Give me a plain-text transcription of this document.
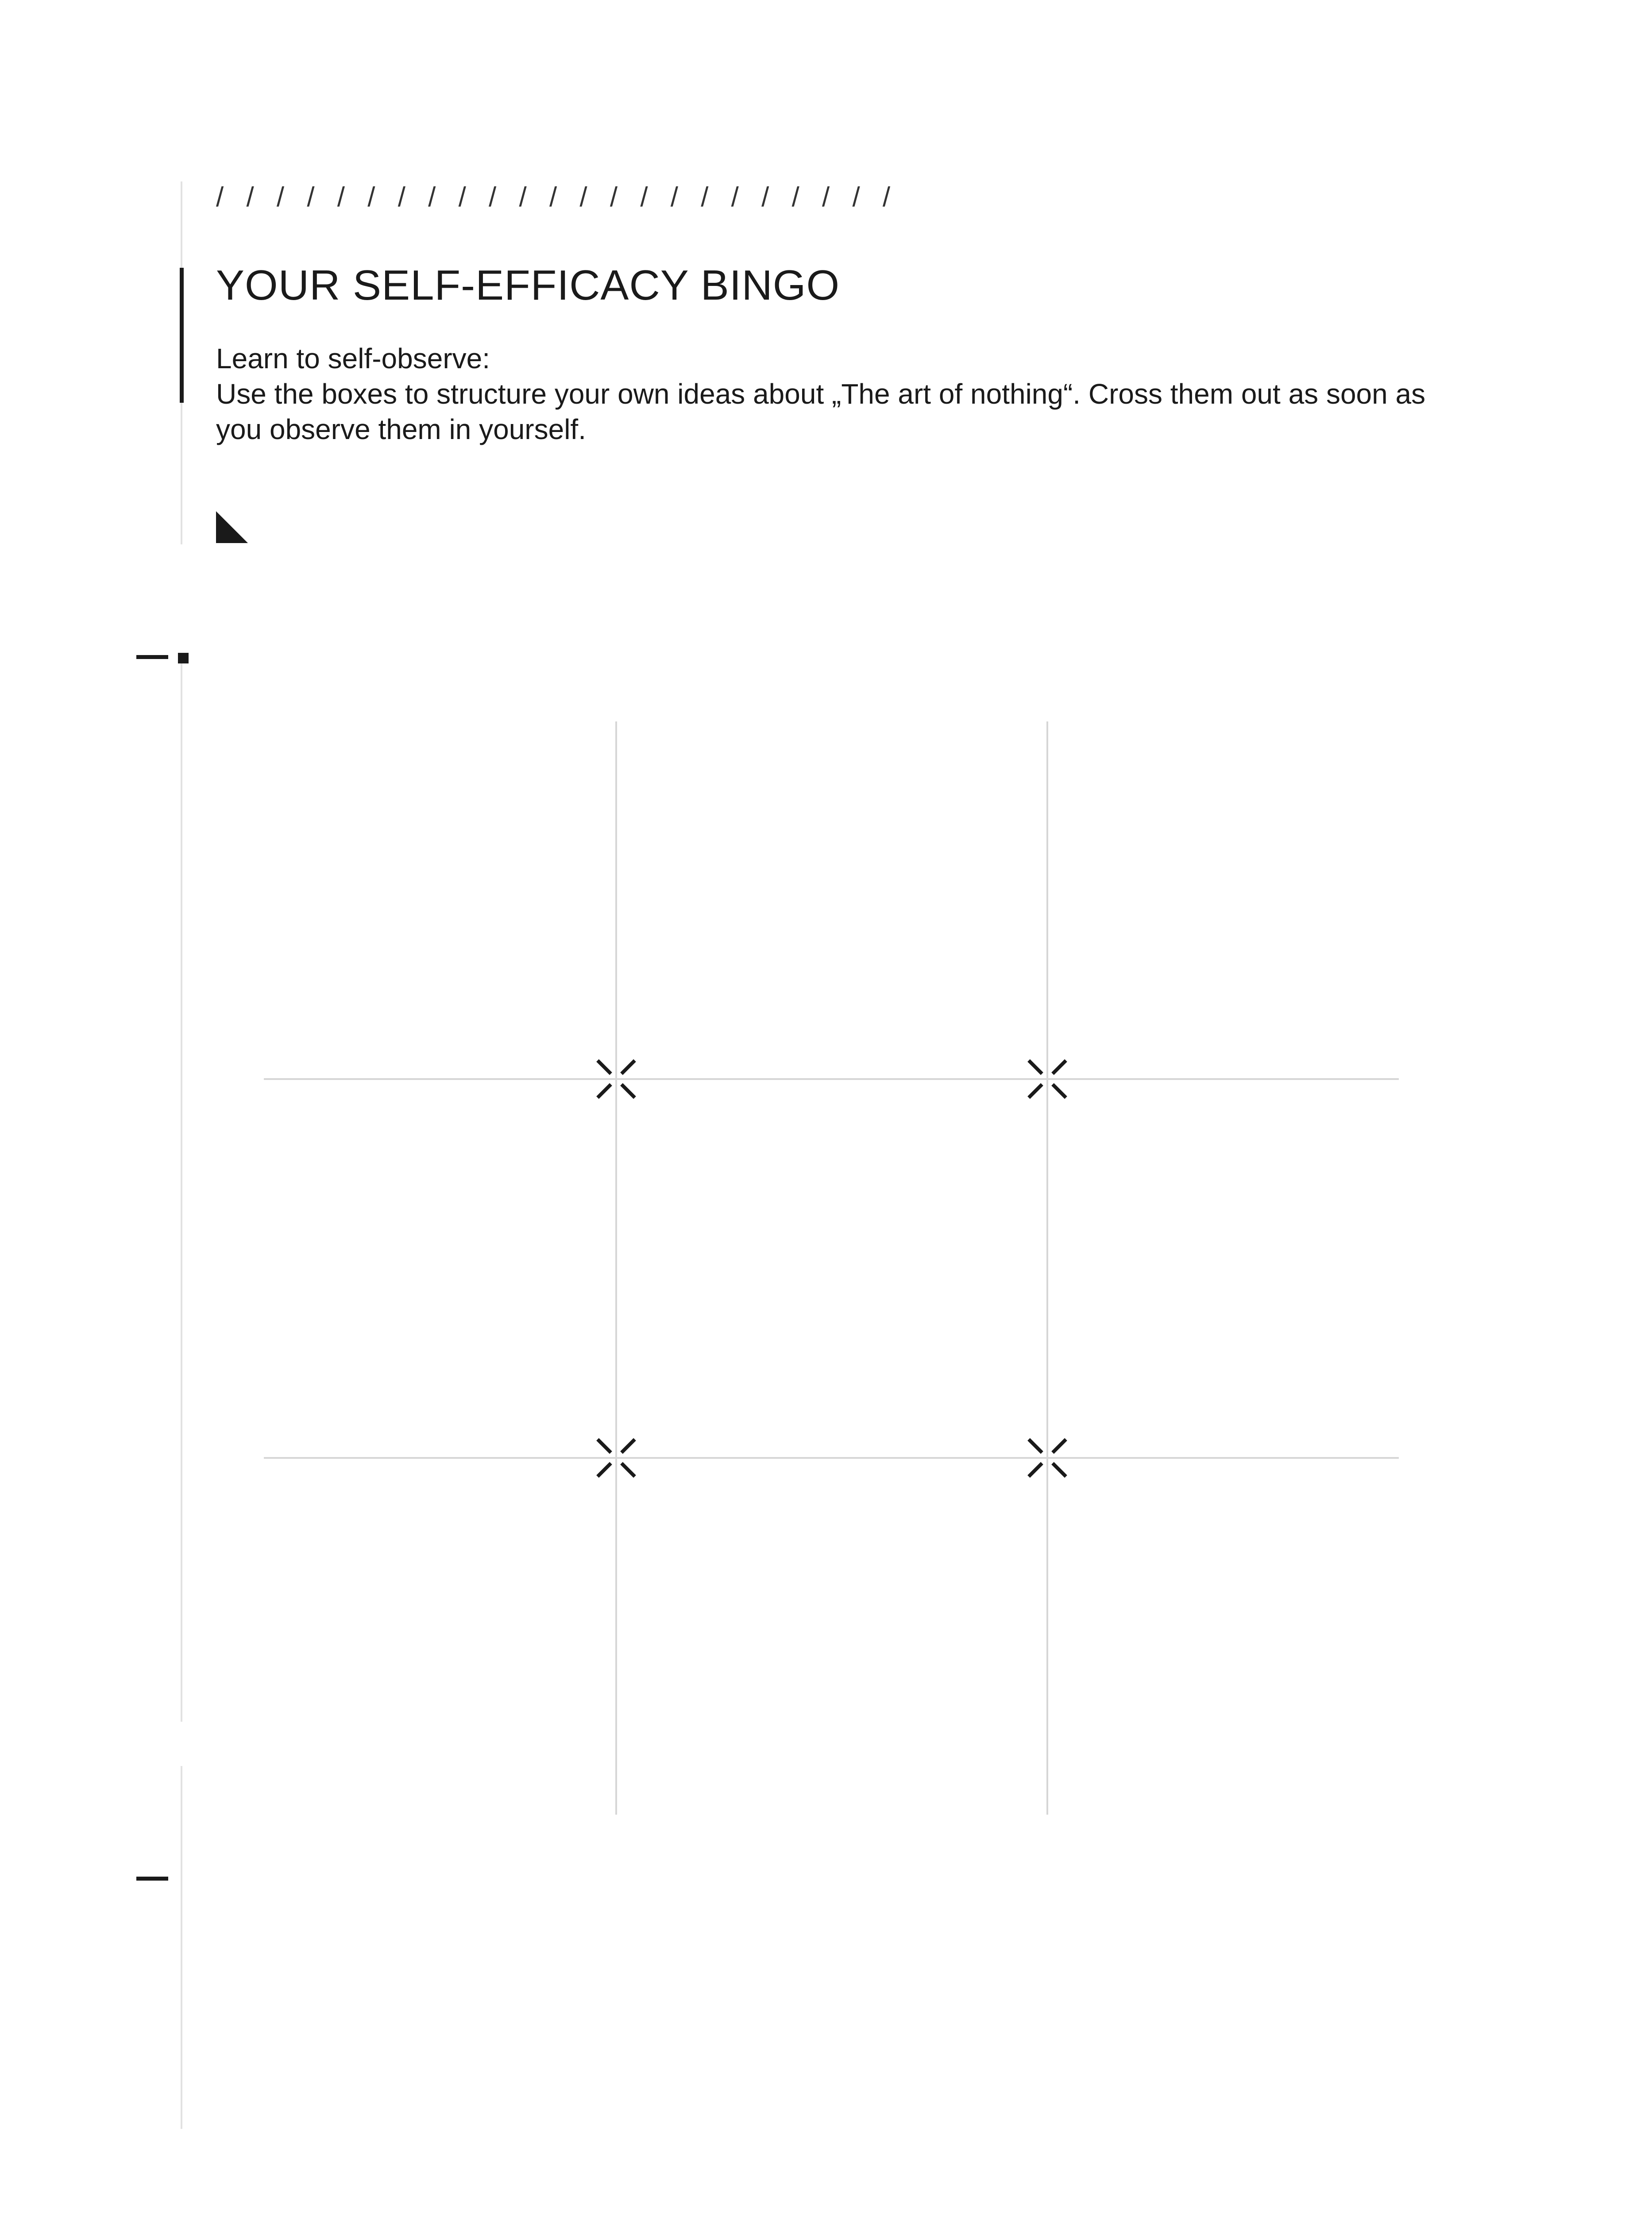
/ / / / / / / / / / / / / / / / / / / / / / /
YOUR SELF-EFFICACY BINGO
Learn to self-observe:
Use the boxes to structure your own ideas about „The art of nothing“. Cross them out as soon as you observe them in yourself.
